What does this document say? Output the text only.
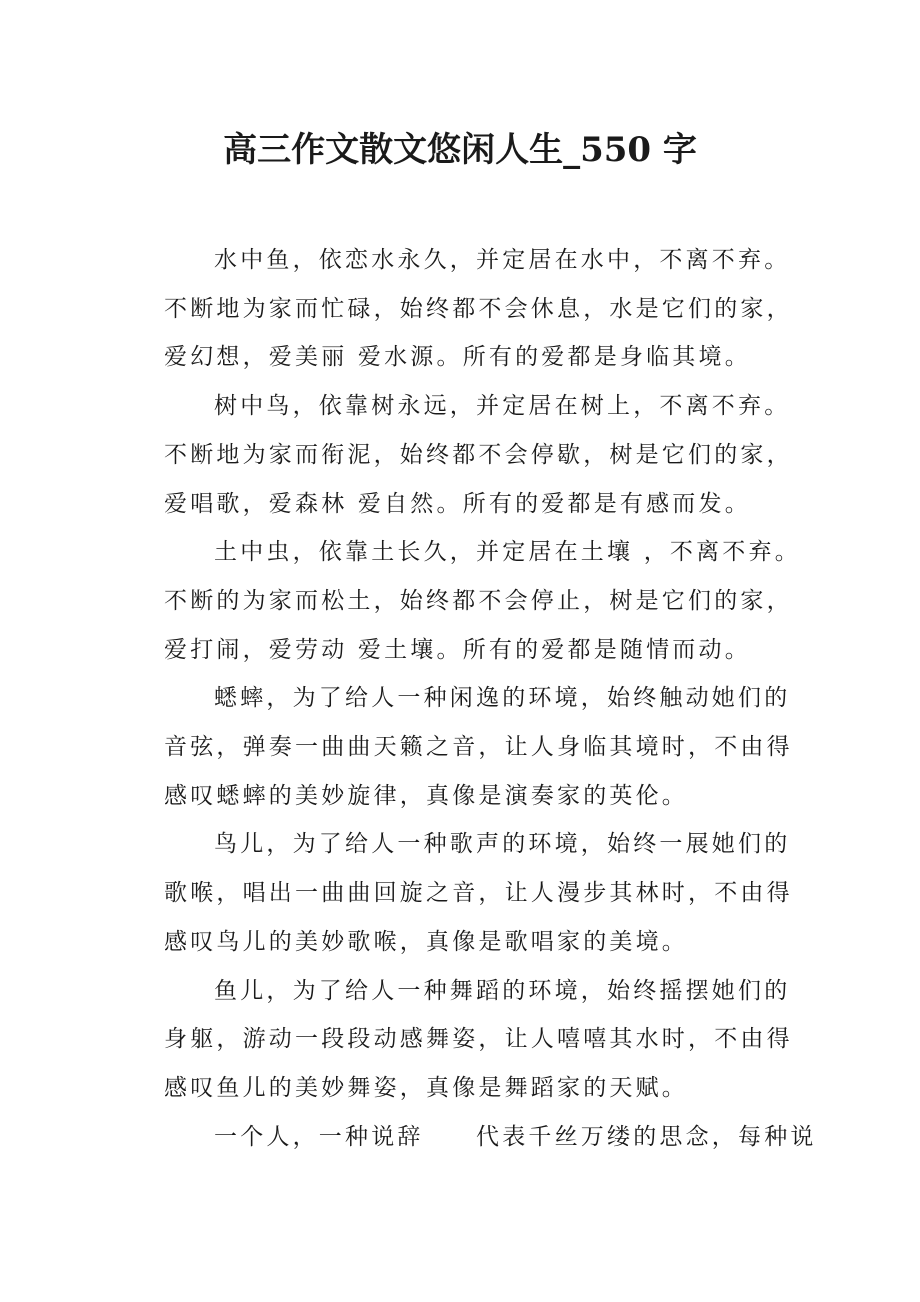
高三作文散文悠闲人生_550 字

水中鱼，依恋水永久，并定居在水中，不离不弃。
不断地为家而忙碌，始终都不会休息，水是它们的家，
爱幻想，爱美丽 爱水源。所有的爱都是身临其境。

树中鸟，依靠树永远，并定居在树上，不离不弃。
不断地为家而衔泥，始终都不会停歇，树是它们的家，
爱唱歌，爱森林 爱自然。所有的爱都是有感而发。

土中虫，依靠土长久，并定居在土壤 ，不离不弃。
不断的为家而松土，始终都不会停止，树是它们的家，
爱打闹，爱劳动 爱土壤。所有的爱都是随情而动。

蟋蟀，为了给人一种闲逸的环境，始终触动她们的
音弦，弹奏一曲曲天籁之音，让人身临其境时，不由得
感叹蟋蟀的美妙旋律，真像是演奏家的英伦。

鸟儿，为了给人一种歌声的环境，始终一展她们的
歌喉，唱出一曲曲回旋之音，让人漫步其林时，不由得
感叹鸟儿的美妙歌喉，真像是歌唱家的美境。

鱼儿，为了给人一种舞蹈的环境，始终摇摆她们的
身躯，游动一段段动感舞姿，让人嘻嘻其水时，不由得
感叹鱼儿的美妙舞姿，真像是舞蹈家的天赋。

一个人，一种说辞　　代表千丝万缕的思念，每种说
